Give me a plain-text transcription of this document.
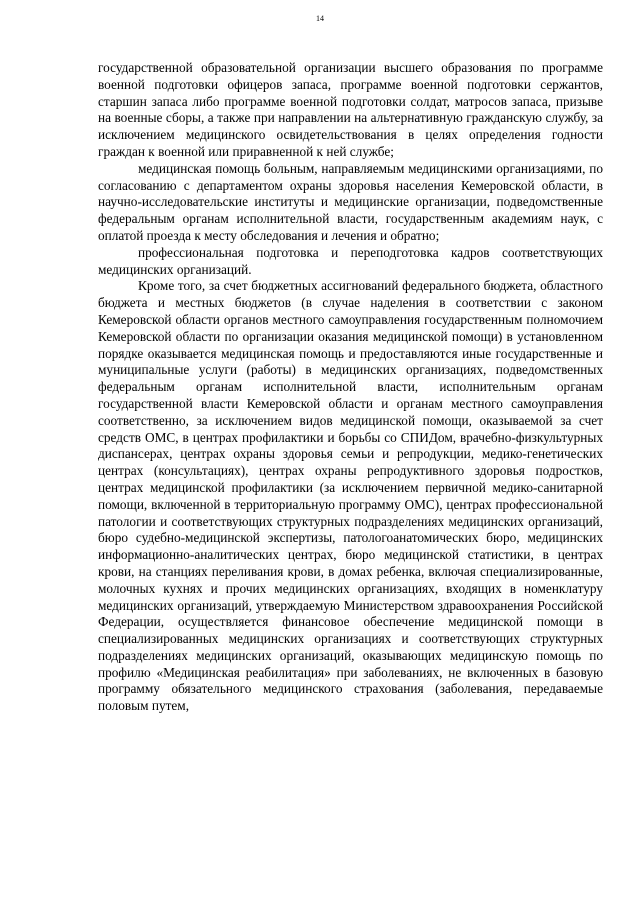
14

государственной образовательной организации высшего образования по программе военной подготовки офицеров запаса, программе военной подготовки сержантов, старшин запаса либо программе военной подготовки солдат, матросов запаса, призыве на военные сборы, а также при направлении на альтернативную гражданскую службу, за исключением медицинского освидетельствования в целях определения годности граждан к военной или приравненной к ней службе;

медицинская помощь больным, направляемым медицинскими организациями, по согласованию с департаментом охраны здоровья населения Кемеровской области, в научно-исследовательские институты и медицинские организации, подведомственные федеральным органам исполнительной власти, государственным академиям наук, с оплатой проезда к месту обследования и лечения и обратно;

профессиональная подготовка и переподготовка кадров соответствующих медицинских организаций.

Кроме того, за счет бюджетных ассигнований федерального бюджета, областного бюджета и местных бюджетов (в случае наделения в соответствии с законом Кемеровской области органов местного самоуправления государственным полномочием Кемеровской области по организации оказания медицинской помощи) в установленном порядке оказывается медицинская помощь и предоставляются иные государственные и муниципальные услуги (работы) в медицинских организациях, подведомственных федеральным органам исполнительной власти, исполнительным органам государственной власти Кемеровской области и органам местного самоуправления соответственно, за исключением видов медицинской помощи, оказываемой за счет средств ОМС, в центрах профилактики и борьбы со СПИДом, врачебно-физкультурных диспансерах, центрах охраны здоровья семьи и репродукции, медико-генетических центрах (консультациях), центрах охраны репродуктивного здоровья подростков, центрах медицинской профилактики (за исключением первичной медико-санитарной помощи, включенной в территориальную программу ОМС), центрах профессиональной патологии и соответствующих структурных подразделениях медицинских организаций, бюро судебно-медицинской экспертизы, патологоанатомических бюро, медицинских информационно-аналитических центрах, бюро медицинской статистики, в центрах крови, на станциях переливания крови, в домах ребенка, включая специализированные, молочных кухнях и прочих медицинских организациях, входящих в номенклатуру медицинских организаций, утверждаемую Министерством здравоохранения Российской Федерации, осуществляется финансовое обеспечение медицинской помощи в специализированных медицинских организациях и соответствующих структурных подразделениях медицинских организаций, оказывающих медицинскую помощь по профилю «Медицинская реабилитация» при заболеваниях, не включенных в базовую программу обязательного медицинского страхования (заболевания, передаваемые половым путем,
